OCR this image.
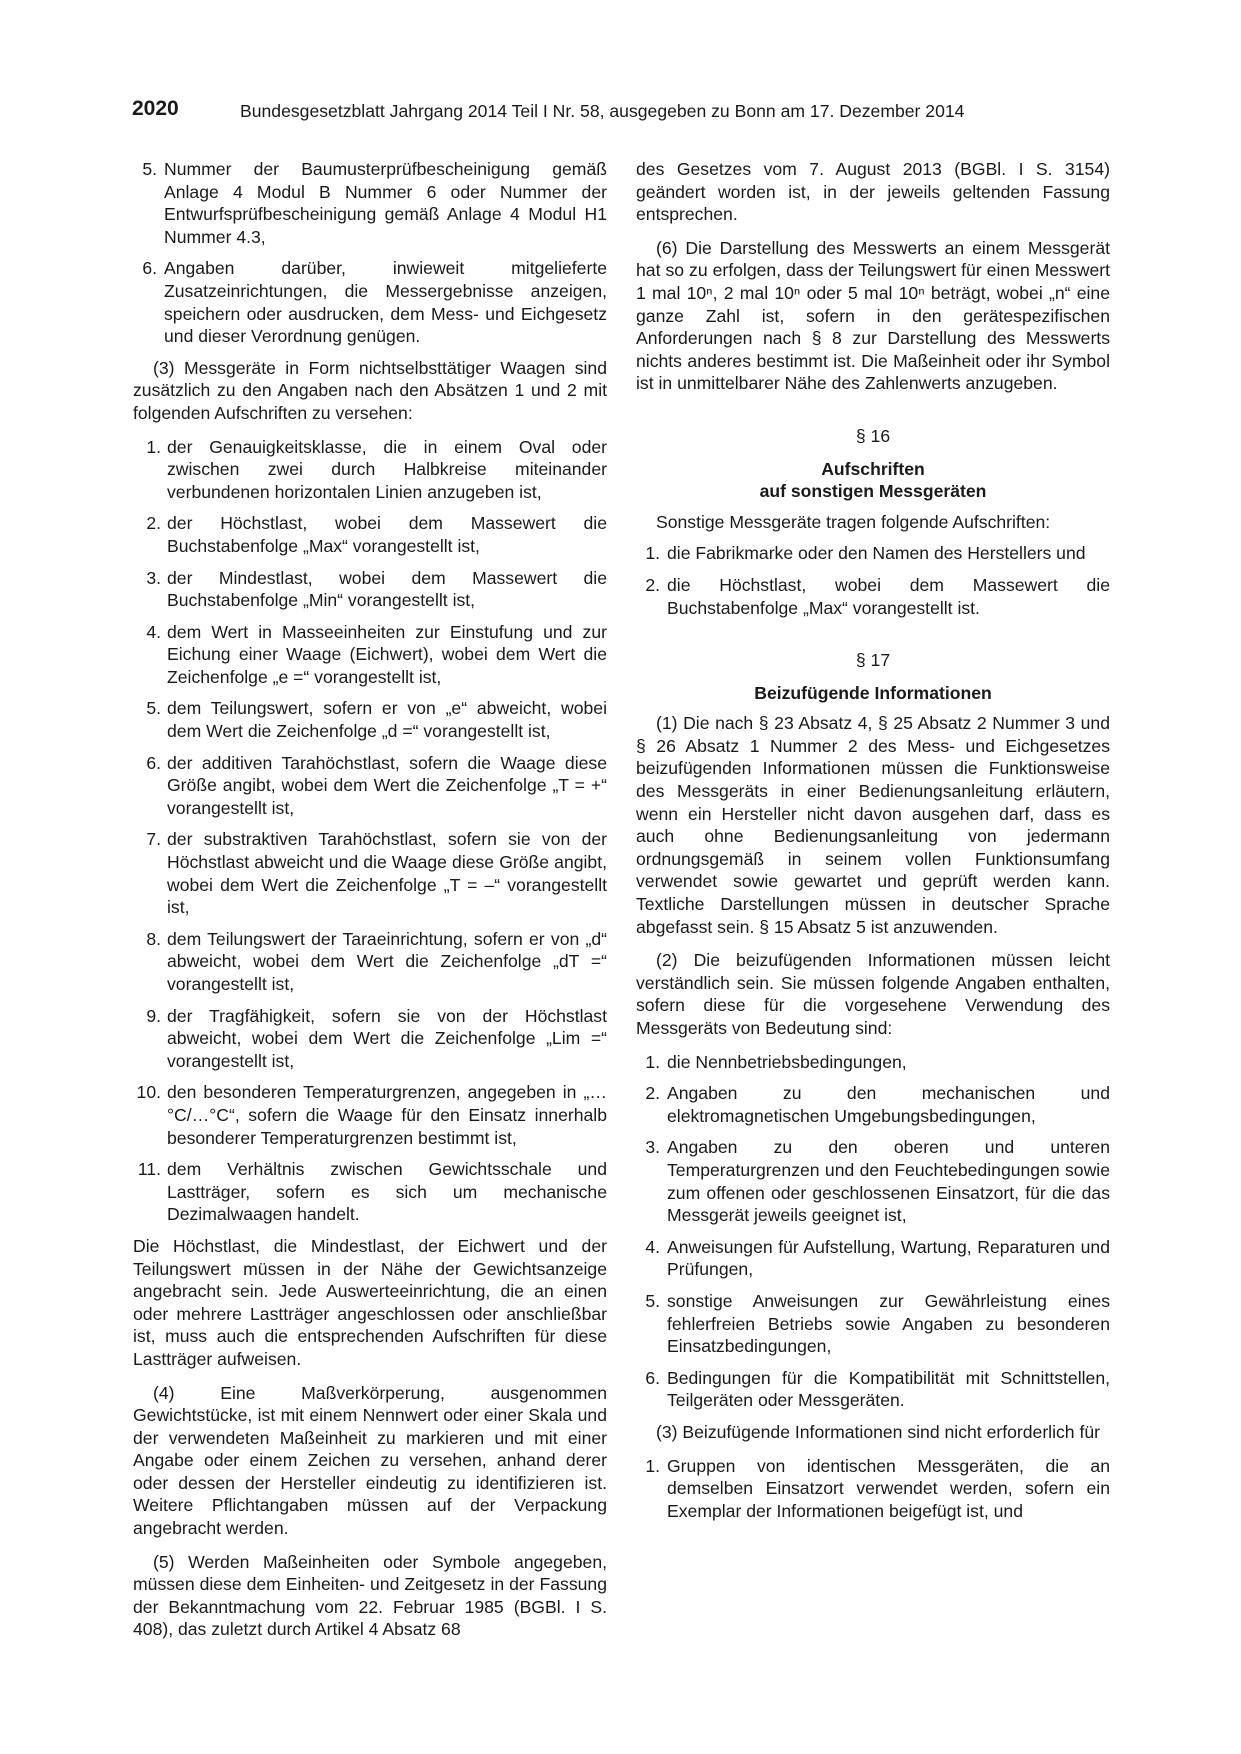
2020	Bundesgesetzblatt Jahrgang 2014 Teil I Nr. 58, ausgegeben zu Bonn am 17. Dezember 2014
5. Nummer der Baumusterprüfbescheinigung gemäß Anlage 4 Modul B Nummer 6 oder Nummer der Entwurfsprüfbescheinigung gemäß Anlage 4 Modul H1 Nummer 4.3,
6. Angaben darüber, inwieweit mitgelieferte Zusatzeinrichtungen, die Messergebnisse anzeigen, speichern oder ausdrucken, dem Mess- und Eichgesetz und dieser Verordnung genügen.

(3) Messgeräte in Form nichtselbsttätiger Waagen sind zusätzlich zu den Angaben nach den Absätzen 1 und 2 mit folgenden Aufschriften zu versehen:

1. der Genauigkeitsklasse, die in einem Oval oder zwischen zwei durch Halbkreise miteinander verbundenen horizontalen Linien anzugeben ist,
2. der Höchstlast, wobei dem Massewert die Buchstabenfolge „Max“ vorangestellt ist,
3. der Mindestlast, wobei dem Massewert die Buchstabenfolge „Min“ vorangestellt ist,
4. dem Wert in Masseeinheiten zur Einstufung und zur Eichung einer Waage (Eichwert), wobei dem Wert die Zeichenfolge „e =“ vorangestellt ist,
5. dem Teilungswert, sofern er von „e“ abweicht, wobei dem Wert die Zeichenfolge „d =“ vorangestellt ist,
6. der additiven Tarahöchstlast, sofern die Waage diese Größe angibt, wobei dem Wert die Zeichenfolge „T = +“ vorangestellt ist,
7. der substraktiven Tarahöchstlast, sofern sie von der Höchstlast abweicht und die Waage diese Größe angibt, wobei dem Wert die Zeichenfolge „T = –“ vorangestellt ist,
8. dem Teilungswert der Taraeinrichtung, sofern er von „d“ abweicht, wobei dem Wert die Zeichenfolge „dT =“ vorangestellt ist,
9. der Tragfähigkeit, sofern sie von der Höchstlast abweicht, wobei dem Wert die Zeichenfolge „Lim =“ vorangestellt ist,
10. den besonderen Temperaturgrenzen, angegeben in „…°C/…°C“, sofern die Waage für den Einsatz innerhalb besonderer Temperaturgrenzen bestimmt ist,
11. dem Verhältnis zwischen Gewichtsschale und Lastträger, sofern es sich um mechanische Dezimalwaagen handelt.

Die Höchstlast, die Mindestlast, der Eichwert und der Teilungswert müssen in der Nähe der Gewichtsanzeige angebracht sein. Jede Auswerteeinrichtung, die an einen oder mehrere Lastträger angeschlossen oder anschließbar ist, muss auch die entsprechenden Aufschriften für diese Lastträger aufweisen.

(4) Eine Maßverkörperung, ausgenommen Gewichtstücke, ist mit einem Nennwert oder einer Skala und der verwendeten Maßeinheit zu markieren und mit einer Angabe oder einem Zeichen zu versehen, anhand derer oder dessen der Hersteller eindeutig zu identifizieren ist. Weitere Pflichtangaben müssen auf der Verpackung angebracht werden.

(5) Werden Maßeinheiten oder Symbole angegeben, müssen diese dem Einheiten- und Zeitgesetz in der Fassung der Bekanntmachung vom 22. Februar 1985 (BGBl. I S. 408), das zuletzt durch Artikel 4 Absatz 68

des Gesetzes vom 7. August 2013 (BGBl. I S. 3154) geändert worden ist, in der jeweils geltenden Fassung entsprechen.

(6) Die Darstellung des Messwerts an einem Messgerät hat so zu erfolgen, dass der Teilungswert für einen Messwert 1 mal 10ⁿ, 2 mal 10ⁿ oder 5 mal 10ⁿ beträgt, wobei „n“ eine ganze Zahl ist, sofern in den gerätespezifischen Anforderungen nach § 8 zur Darstellung des Messwerts nichts anderes bestimmt ist. Die Maßeinheit oder ihr Symbol ist in unmittelbarer Nähe des Zahlenwerts anzugeben.

§ 16
Aufschriften
auf sonstigen Messgeräten

Sonstige Messgeräte tragen folgende Aufschriften:

1. die Fabrikmarke oder den Namen des Herstellers und
2. die Höchstlast, wobei dem Massewert die Buchstabenfolge „Max“ vorangestellt ist.
§ 17
Beizufügende Informationen

(1) Die nach § 23 Absatz 4, § 25 Absatz 2 Nummer 3 und § 26 Absatz 1 Nummer 2 des Mess- und Eichgesetzes beizufügenden Informationen müssen die Funktionsweise des Messgeräts in einer Bedienungsanleitung erläutern, wenn ein Hersteller nicht davon ausgehen darf, dass es auch ohne Bedienungsanleitung von jedermann ordnungsgemäß in seinem vollen Funktionsumfang verwendet sowie gewartet und geprüft werden kann. Textliche Darstellungen müssen in deutscher Sprache abgefasst sein. § 15 Absatz 5 ist anzuwenden.

(2) Die beizufügenden Informationen müssen leicht verständlich sein. Sie müssen folgende Angaben enthalten, sofern diese für die vorgesehene Verwendung des Messgeräts von Bedeutung sind:

1. die Nennbetriebsbedingungen,
2. Angaben zu den mechanischen und elektromagnetischen Umgebungsbedingungen,
3. Angaben zu den oberen und unteren Temperaturgrenzen und den Feuchtebedingungen sowie zum offenen oder geschlossenen Einsatzort, für die das Messgerät jeweils geeignet ist,
4. Anweisungen für Aufstellung, Wartung, Reparaturen und Prüfungen,
5. sonstige Anweisungen zur Gewährleistung eines fehlerfreien Betriebs sowie Angaben zu besonderen Einsatzbedingungen,
6. Bedingungen für die Kompatibilität mit Schnittstellen, Teilgeräten oder Messgeräten.

(3) Beizufügende Informationen sind nicht erforderlich für

1. Gruppen von identischen Messgeräten, die an demselben Einsatzort verwendet werden, sofern ein Exemplar der Informationen beigefügt ist, und
